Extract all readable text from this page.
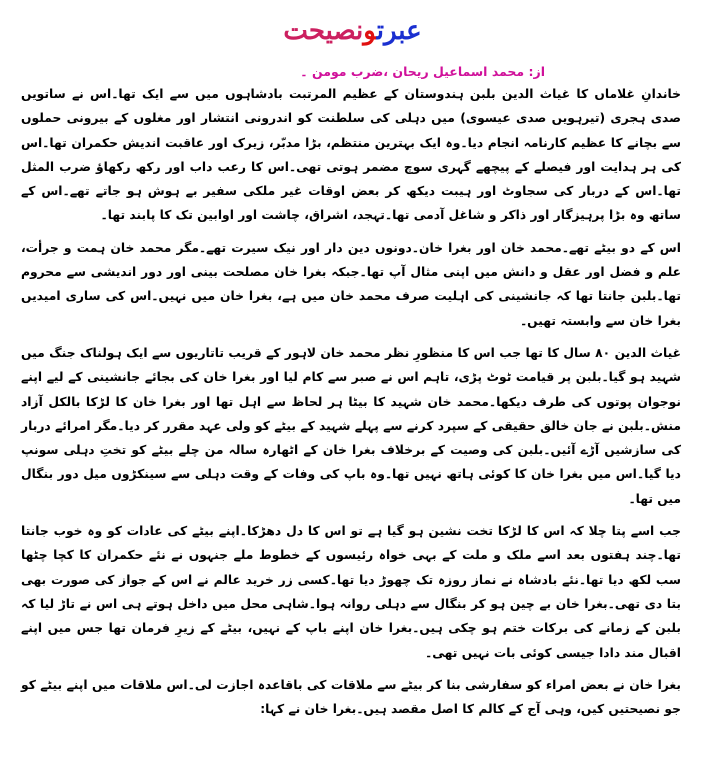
عبرتونصیحت
از: محمد اسماعیل ریحان ،ضرب مومن ۔

خاندانِ غلاماں کا غیاث الدین بلبن ہندوستان کے عظیم المرتبت بادشاہوں میں سے ایک تھا۔اس نے ساتویں صدی ہجری (تیرہویں صدی عیسوی) میں دہلی کی سلطنت کو اندرونی انتشار اور مغلوں کے بیرونی حملوں سے بچانے کا عظیم کارنامہ انجام دیا۔وہ ایک بہترین منتظم، بڑا مدبّر، زیرک اور عاقبت اندیش حکمران تھا۔اس کی ہر ہدایت اور فیصلے کے پیچھے گہری سوچ مضمر ہوتی تھی۔اس کا رعب داب اور رکھ رکھاؤ ضرب المثل تھا۔اس کے دربار کی سجاوٹ اور ہیبت دیکھ کر بعض اوقات غیر ملکی سفیر بے ہوش ہو جاتے تھے۔اس کے ساتھ وہ بڑا پرہیزگار اور ذاکر و شاغل آدمی تھا۔تہجد، اشراق، چاشت اور اوابین تک کا پابند تھا۔

اس کے دو بیٹے تھے۔محمد خان اور بغرا خان۔دونوں دین دار اور نیک سیرت تھے۔مگر محمد خان ہمت و جرأت، علم و فضل اور عقل و دانش میں اپنی مثال آپ تھا۔جبکہ بغرا خان مصلحت بینی اور دور اندیشی سے محروم تھا۔بلبن جانتا تھا کہ جانشینی کی اہلیت صرف محمد خان میں ہے، بغرا خان میں نہیں۔اس کی ساری امیدیں بغرا خان سے وابستہ تھیں۔

غیاث الدین ۸۰ سال کا تھا جب اس کا منظورِ نظر محمد خان لاہور کے قریب تاتاریوں سے ایک ہولناک جنگ میں شہید ہو گیا۔بلبن پر قیامت ٹوٹ پڑی، تاہم اس نے صبر سے کام لیا اور بغرا خان کی بجائے جانشینی کے لیے اپنے نوجوان پوتوں کی طرف دیکھا۔محمد خان شہید کا بیٹا ہر لحاظ سے اہل تھا اور بغرا خان کا لڑکا بالکل آزاد منش۔بلبن نے جان خالق حقیقی کے سپرد کرنے سے پہلے شہید کے بیٹے کو ولی عہد مقرر کر دیا۔مگر امرائے دربار کی سازشیں آڑے آئیں۔بلبن کی وصیت کے برخلاف بغرا خان کے اٹھارہ سالہ من چلے بیٹے کو تختِ دہلی سونپ دیا گیا۔اس میں بغرا خان کا کوئی ہاتھ نہیں تھا۔وہ باپ کی وفات کے وقت دہلی سے سینکڑوں میل دور بنگال میں تھا۔

جب اسے پتا چلا کہ اس کا لڑکا تخت نشین ہو گیا ہے تو اس کا دل دھڑکا۔اپنے بیٹے کی عادات کو وہ خوب جانتا تھا۔چند ہفتوں بعد اسے ملک و ملت کے بہی خواہ رئیسوں کے خطوط ملے جنہوں نے نئے حکمران کا کچا چٹھا سب لکھ دیا تھا۔نئے بادشاہ نے نماز روزہ تک چھوڑ دیا تھا۔کسی زر خرید عالم نے اس کے جواز کی صورت بھی بتا دی تھی۔بغرا خان بے چین ہو کر بنگال سے دہلی روانہ ہوا۔شاہی محل میں داخل ہوتے ہی اس نے تاڑ لیا کہ بلبن کے زمانے کی برکات ختم ہو چکی ہیں۔بغرا خان اپنے باپ کے نہیں، بیٹے کے زیرِ فرمان تھا جس میں اپنے اقبال مند دادا جیسی کوئی بات نہیں تھی۔

بغرا خان نے بعض امراء کو سفارشی بنا کر بیٹے سے ملاقات کی باقاعدہ اجازت لی۔اس ملاقات میں اپنے بیٹے کو جو نصیحتیں کیں، وہی آج کے کالم کا اصل مقصد ہیں۔بغرا خان نے کہا:
